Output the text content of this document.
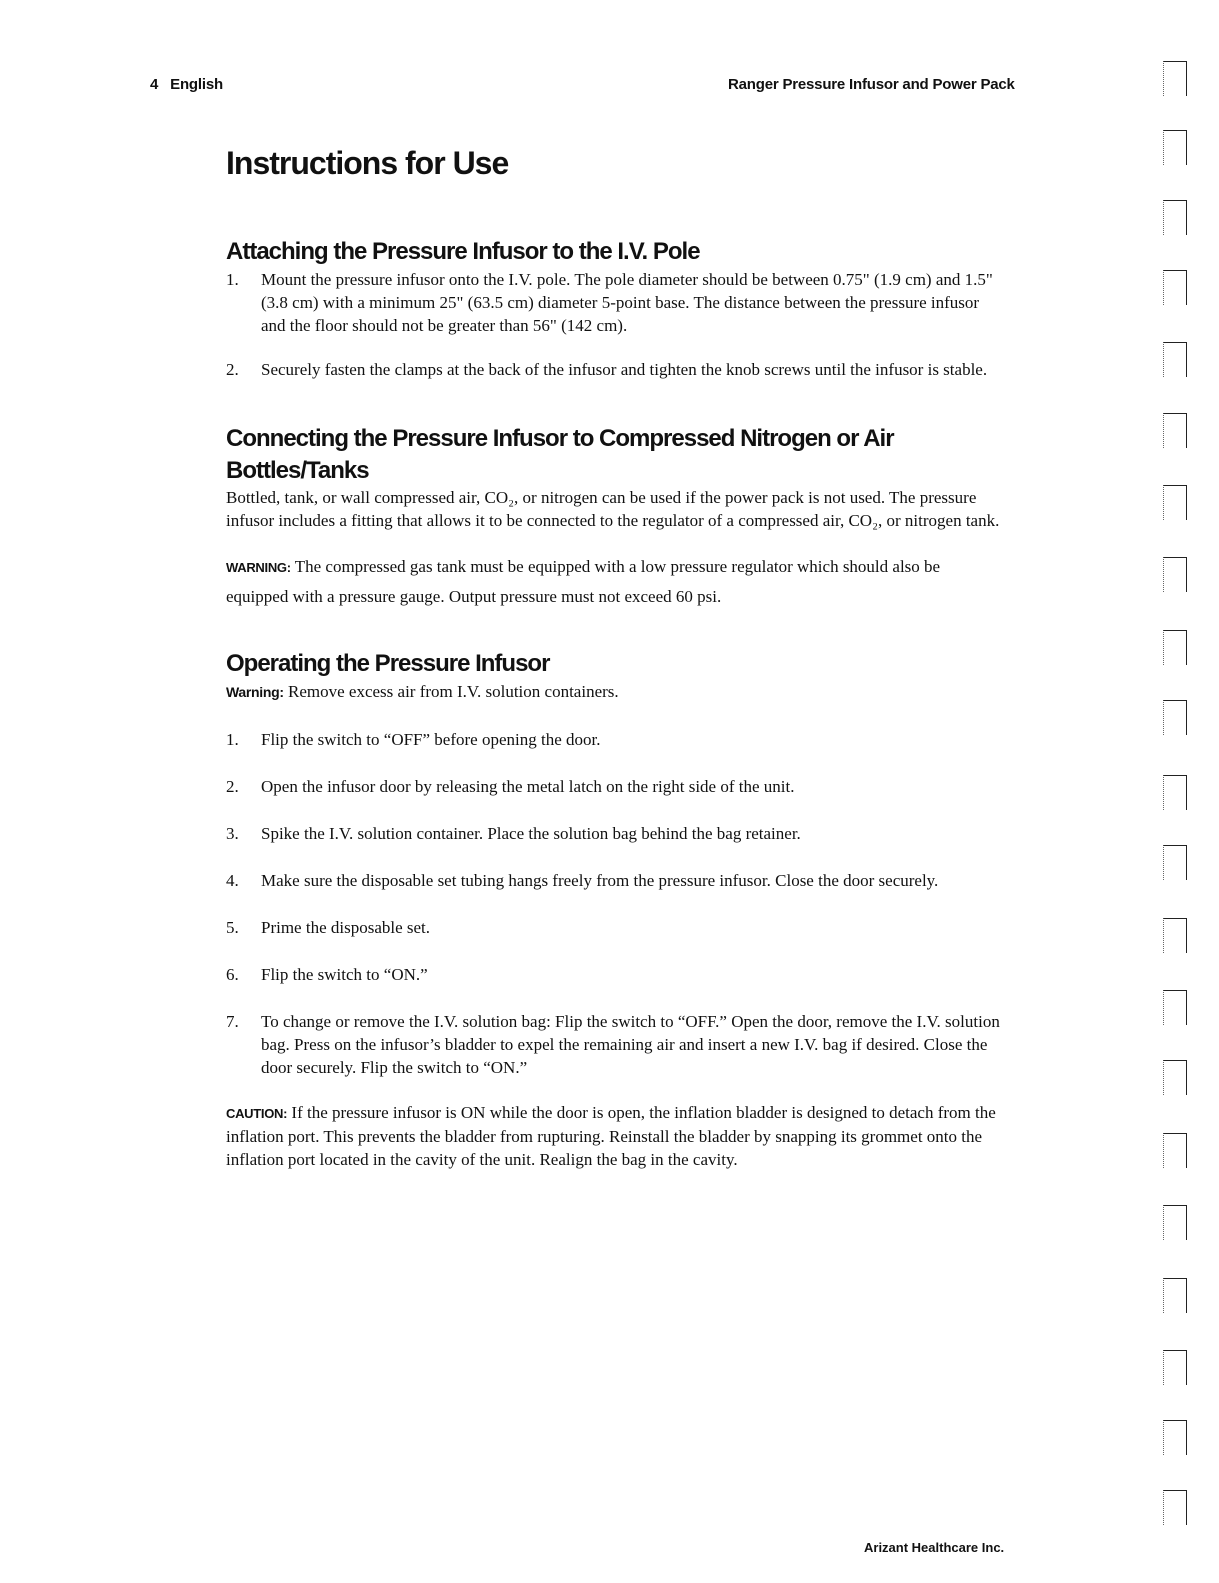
4 English	Ranger Pressure Infusor and Power Pack
Instructions for Use
Attaching the Pressure Infusor to the I.V. Pole
1. Mount the pressure infusor onto the I.V. pole. The pole diameter should be between 0.75" (1.9 cm) and 1.5" (3.8 cm) with a minimum 25" (63.5 cm) diameter 5-point base. The distance between the pressure infusor and the floor should not be greater than 56" (142 cm).
2. Securely fasten the clamps at the back of the infusor and tighten the knob screws until the infusor is stable.
Connecting the Pressure Infusor to Compressed Nitrogen or Air Bottles/Tanks

Bottled, tank, or wall compressed air, CO₂, or nitrogen can be used if the power pack is not used. The pressure infusor includes a fitting that allows it to be connected to the regulator of a compressed air, CO₂, or nitrogen tank.

WARNING: The compressed gas tank must be equipped with a low pressure regulator which should also be equipped with a pressure gauge. Output pressure must not exceed 60 psi.

Operating the Pressure Infusor

Warning: Remove excess air from I.V. solution containers.

1. Flip the switch to “OFF” before opening the door.
2. Open the infusor door by releasing the metal latch on the right side of the unit.
3. Spike the I.V. solution container. Place the solution bag behind the bag retainer.
4. Make sure the disposable set tubing hangs freely from the pressure infusor. Close the door securely.
5. Prime the disposable set.
6. Flip the switch to “ON.”
7. To change or remove the I.V. solution bag: Flip the switch to “OFF.” Open the door, remove the I.V. solution bag. Press on the infusor’s bladder to expel the remaining air and insert a new I.V. bag if desired. Close the door securely. Flip the switch to “ON.”

CAUTION: If the pressure infusor is ON while the door is open, the inflation bladder is designed to detach from the inflation port. This prevents the bladder from rupturing. Reinstall the bladder by snapping its grommet onto the inflation port located in the cavity of the unit. Realign the bag in the cavity.

Arizant Healthcare Inc.
